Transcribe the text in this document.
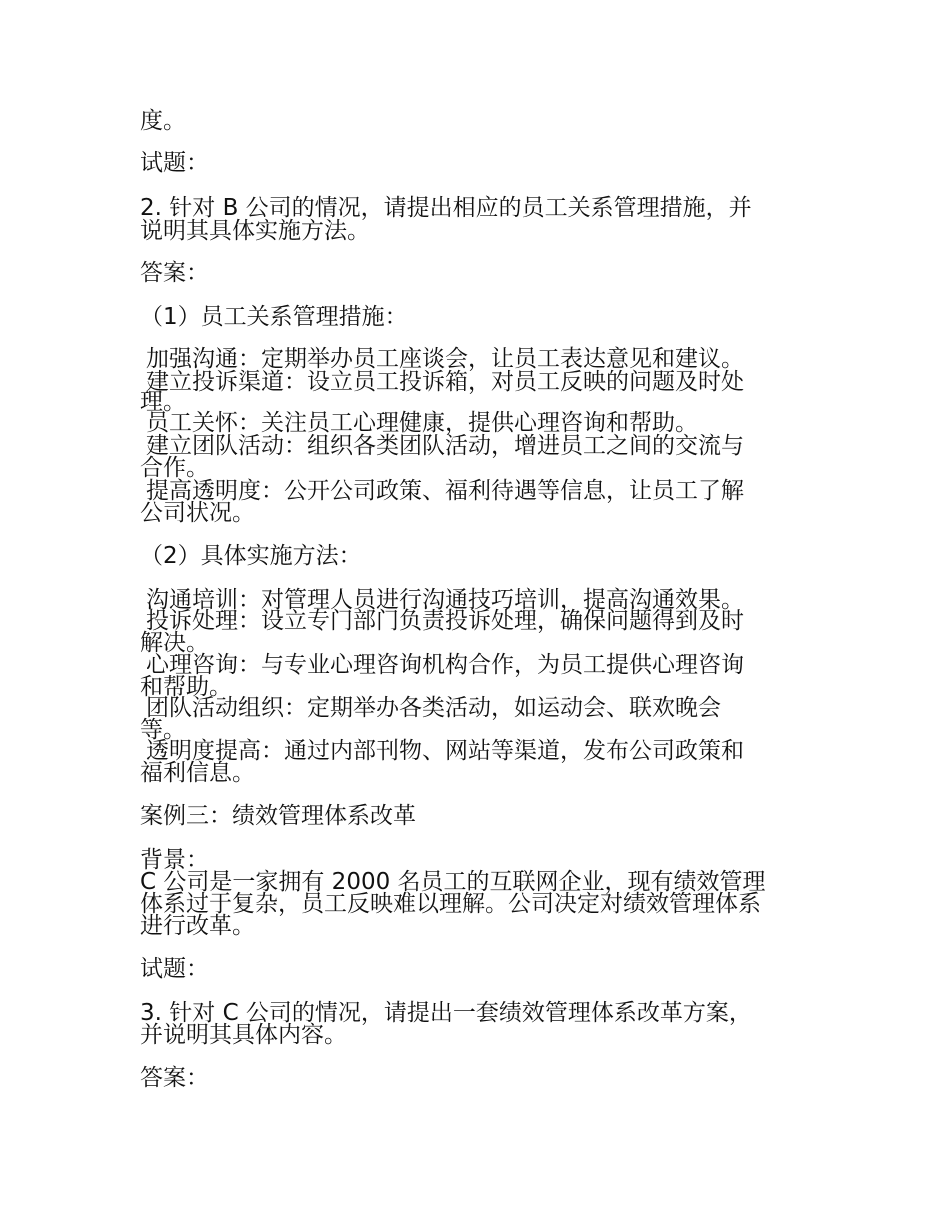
度。
试题：
2. 针对 B 公司的情况，请提出相应的员工关系管理措施，并
说明其具体实施方法。
答案：
（1）员工关系管理措施：
加强沟通：定期举办员工座谈会，让员工表达意见和建议。
建立投诉渠道：设立员工投诉箱，对员工反映的问题及时处
理。
员工关怀：关注员工心理健康，提供心理咨询和帮助。
建立团队活动：组织各类团队活动，增进员工之间的交流与
合作。
提高透明度：公开公司政策、福利待遇等信息，让员工了解
公司状况。
（2）具体实施方法：
沟通培训：对管理人员进行沟通技巧培训，提高沟通效果。
投诉处理：设立专门部门负责投诉处理，确保问题得到及时
解决。
心理咨询：与专业心理咨询机构合作，为员工提供心理咨询
和帮助。
团队活动组织：定期举办各类活动，如运动会、联欢晚会
等。
透明度提高：通过内部刊物、网站等渠道，发布公司政策和
福利信息。
案例三：绩效管理体系改革
背景：
C 公司是一家拥有 2000 名员工的互联网企业，现有绩效管理
体系过于复杂，员工反映难以理解。公司决定对绩效管理体系
进行改革。
试题：
3. 针对 C 公司的情况，请提出一套绩效管理体系改革方案，
并说明其具体内容。
答案：
